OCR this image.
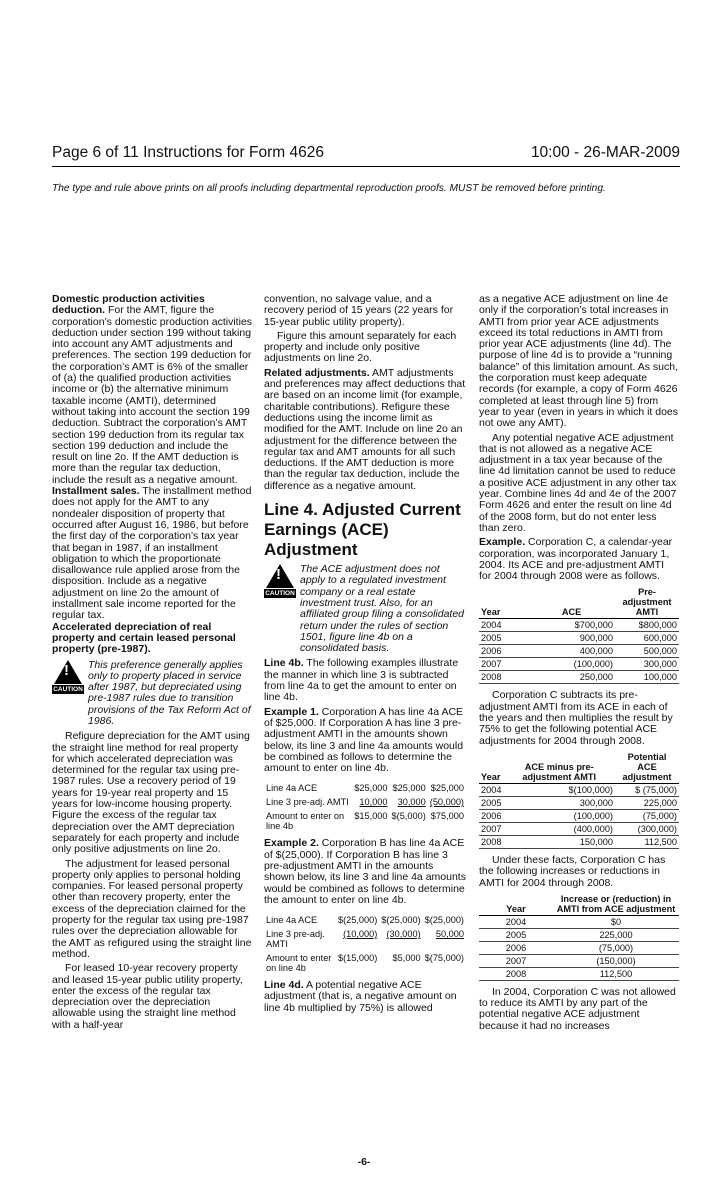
Page 6 of 11 Instructions for Form 4626	10:00 - 26-MAR-2009
The type and rule above prints on all proofs including departmental reproduction proofs. MUST be removed before printing.

Domestic production activities deduction. For the AMT, figure the corporation’s domestic production activities deduction under section 199 without taking into account any AMT adjustments and preferences. The section 199 deduction for the corporation’s AMT is 6% of the smaller of (a) the qualified production activities income or (b) the alternative minimum taxable income (AMTI), determined without taking into account the section 199 deduction. Subtract the corporation’s AMT section 199 deduction from its regular tax section 199 deduction and include the result on line 2o. If the AMT deduction is more than the regular tax deduction, include the result as a negative amount.

Installment sales. The installment method does not apply for the AMT to any nondealer disposition of property that occurred after August 16, 1986, but before the first day of the corporation’s tax year that began in 1987, if an installment obligation to which the proportionate disallowance rule applied arose from the disposition. Include as a negative adjustment on line 2o the amount of installment sale income reported for the regular tax.

Accelerated depreciation of real property and certain leased personal property (pre-1987).

!
CAUTION
This preference generally applies only to property placed in service after 1987, but depreciated using pre-1987 rules due to transition provisions of the Tax Reform Act of 1986.

Refigure depreciation for the AMT using the straight line method for real property for which accelerated depreciation was determined for the regular tax using pre-1987 rules. Use a recovery period of 19 years for 19-year real property and 15 years for low-income housing property. Figure the excess of the regular tax depreciation over the AMT depreciation separately for each property and include only positive adjustments on line 2o.

The adjustment for leased personal property only applies to personal holding companies. For leased personal property other than recovery property, enter the excess of the depreciation claimed for the property for the regular tax using pre-1987 rules over the depreciation allowable for the AMT as refigured using the straight line method.

For leased 10-year recovery property and leased 15-year public utility property, enter the excess of the regular tax depreciation over the depreciation allowable using the straight line method with a half-year

convention, no salvage value, and a recovery period of 15 years (22 years for 15-year public utility property).

Figure this amount separately for each property and include only positive adjustments on line 2o.

Related adjustments. AMT adjustments and preferences may affect deductions that are based on an income limit (for example, charitable contributions). Refigure these deductions using the income limit as modified for the AMT. Include on line 2o an adjustment for the difference between the regular tax and AMT amounts for all such deductions. If the AMT deduction is more than the regular tax deduction, include the difference as a negative amount.

Line 4. Adjusted Current Earnings (ACE) Adjustment
!
CAUTION
The ACE adjustment does not apply to a regulated investment company or a real estate investment trust. Also, for an affiliated group filing a consolidated return under the rules of section 1501, figure line 4b on a consolidated basis.

Line 4b. The following examples illustrate the manner in which line 3 is subtracted from line 4a to get the amount to enter on line 4b.

Example 1. Corporation A has line 4a ACE of $25,000. If Corporation A has line 3 pre-adjustment AMTI in the amounts shown below, its line 3 and line 4a amounts would be combined as follows to determine the amount to enter on line 4b.

Line 4a ACE	$25,000	$25,000	$25,000
Line 3 pre-adj. AMTI	10,000	30,000	(50,000)
Amount to enter on line 4b	$15,000	$(5,000)	$75,000

Example 2. Corporation B has line 4a ACE of $(25,000). If Corporation B has line 3 pre-adjustment AMTI in the amounts shown below, its line 3 and line 4a amounts would be combined as follows to determine the amount to enter on line 4b.

Line 4a ACE	$(25,000)	$(25,000)	$(25,000)
Line 3 pre-adj. AMTI	(10,000)	(30,000)	50,000
Amount to enter on line 4b	$(15,000)	$5,000	$(75,000)

Line 4d. A potential negative ACE adjustment (that is, a negative amount on line 4b multiplied by 75%) is allowed

as a negative ACE adjustment on line 4e only if the corporation’s total increases in AMTI from prior year ACE adjustments exceed its total reductions in AMTI from prior year ACE adjustments (line 4d). The purpose of line 4d is to provide a “running balance” of this limitation amount. As such, the corporation must keep adequate records (for example, a copy of Form 4626 completed at least through line 5) from year to year (even in years in which it does not owe any AMT).

Any potential negative ACE adjustment that is not allowed as a negative ACE adjustment in a tax year because of the line 4d limitation cannot be used to reduce a positive ACE adjustment in any other tax year. Combine lines 4d and 4e of the 2007 Form 4626 and enter the result on line 4d of the 2008 form, but do not enter less than zero.

Example. Corporation C, a calendar-year corporation, was incorporated January 1, 2004. Its ACE and pre-adjustment AMTI for 2004 through 2008 were as follows.

Year	ACE	Pre-adjustment AMTI
2004	$700,000	$800,000
2005	900,000	600,000
2006	400,000	500,000
2007	(100,000)	300,000
2008	250,000	100,000

Corporation C subtracts its pre-adjustment AMTI from its ACE in each of the years and then multiplies the result by 75% to get the following potential ACE adjustments for 2004 through 2008.

Year	ACE minus pre-adjustment AMTI	Potential ACE adjustment
2004	$(100,000)	$ (75,000)
2005	300,000	225,000
2006	(100,000)	(75,000)
2007	(400,000)	(300,000)
2008	150,000	112,500

Under these facts, Corporation C has the following increases or reductions in AMTI for 2004 through 2008.

Year	Increase or (reduction) in AMTI from ACE adjustment
2004	$0
2005	225,000
2006	(75,000)
2007	(150,000)
2008	112,500

In 2004, Corporation C was not allowed to reduce its AMTI by any part of the potential negative ACE adjustment because it had no increases

-6-
